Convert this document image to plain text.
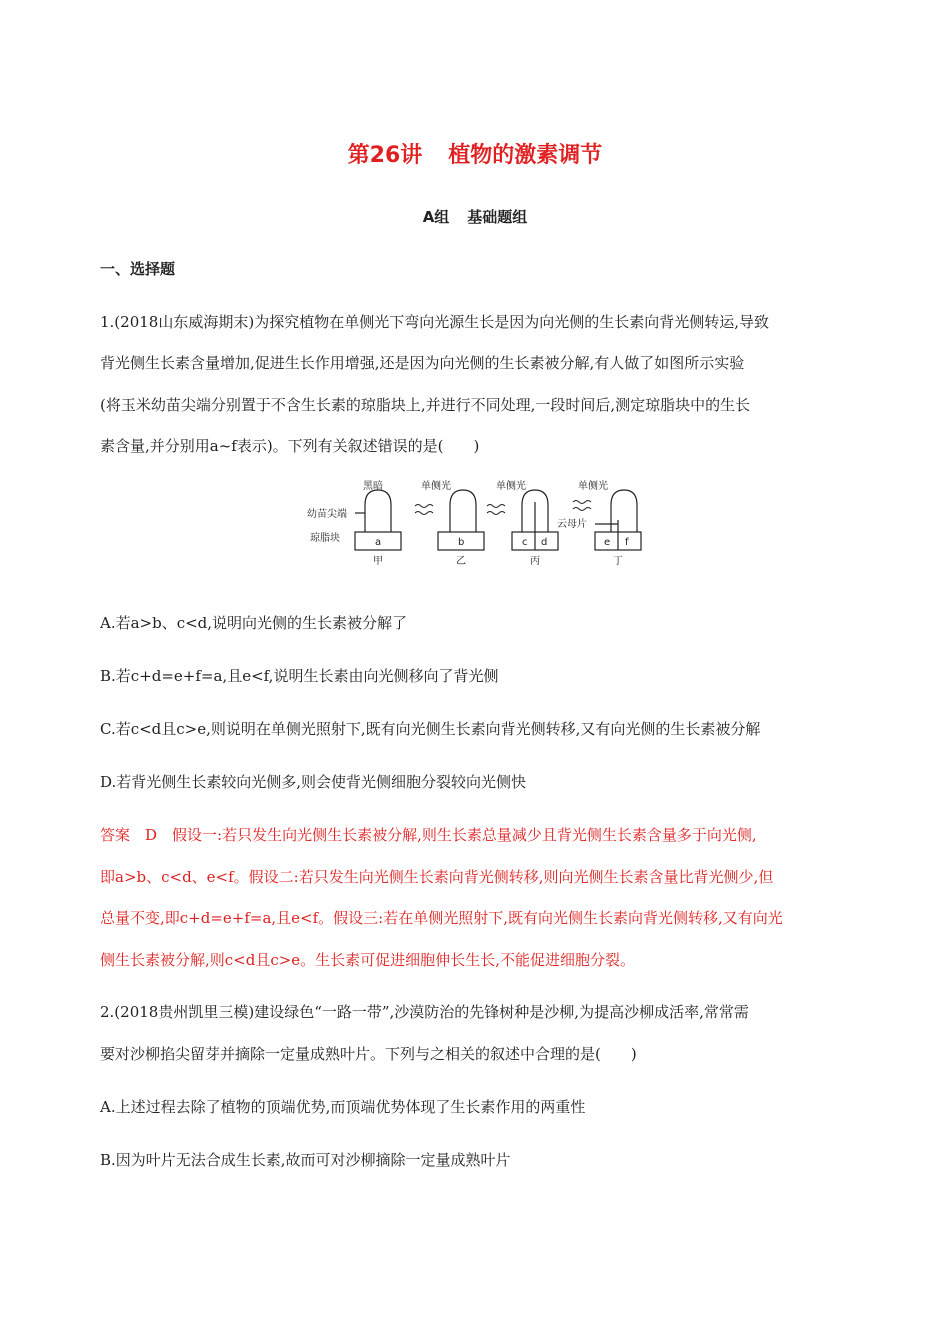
第26讲 植物的激素调节
A组 基础题组
一、选择题
1.(2018山东威海期末)为探究植物在单侧光下弯向光源生长是因为向光侧的生长素向背光侧转运,导致
背光侧生长素含量增加,促进生长作用增强,还是因为向光侧的生长素被分解,有人做了如图所示实验
(将玉米幼苗尖端分别置于不含生长素的琼脂块上,并进行不同处理,一段时间后,测定琼脂块中的生长
素含量,并分别用a~f表示)。下列有关叙述错误的是(　　)
黑暗	单侧光	单侧光	单侧光
幼苗尖端
琼脂块
云母片
a	b	c d	e f
甲	乙	丙	丁
A.若a>b、c<d,说明向光侧的生长素被分解了
B.若c+d=e+f=a,且e<f,说明生长素由向光侧移向了背光侧
C.若c<d且c>e,则说明在单侧光照射下,既有向光侧生长素向背光侧转移,又有向光侧的生长素被分解
D.若背光侧生长素较向光侧多,则会使背光侧细胞分裂较向光侧快
答案　D　假设一:若只发生向光侧生长素被分解,则生长素总量减少且背光侧生长素含量多于向光侧,
即a>b、c<d、e<f。假设二:若只发生向光侧生长素向背光侧转移,则向光侧生长素含量比背光侧少,但
总量不变,即c+d=e+f=a,且e<f。假设三:若在单侧光照射下,既有向光侧生长素向背光侧转移,又有向光
侧生长素被分解,则c<d且c>e。生长素可促进细胞伸长生长,不能促进细胞分裂。
2.(2018贵州凯里三模)建设绿色“一路一带”,沙漠防治的先锋树种是沙柳,为提高沙柳成活率,常常需
要对沙柳掐尖留芽并摘除一定量成熟叶片。下列与之相关的叙述中合理的是(　　)
A.上述过程去除了植物的顶端优势,而顶端优势体现了生长素作用的两重性
B.因为叶片无法合成生长素,故而可对沙柳摘除一定量成熟叶片
